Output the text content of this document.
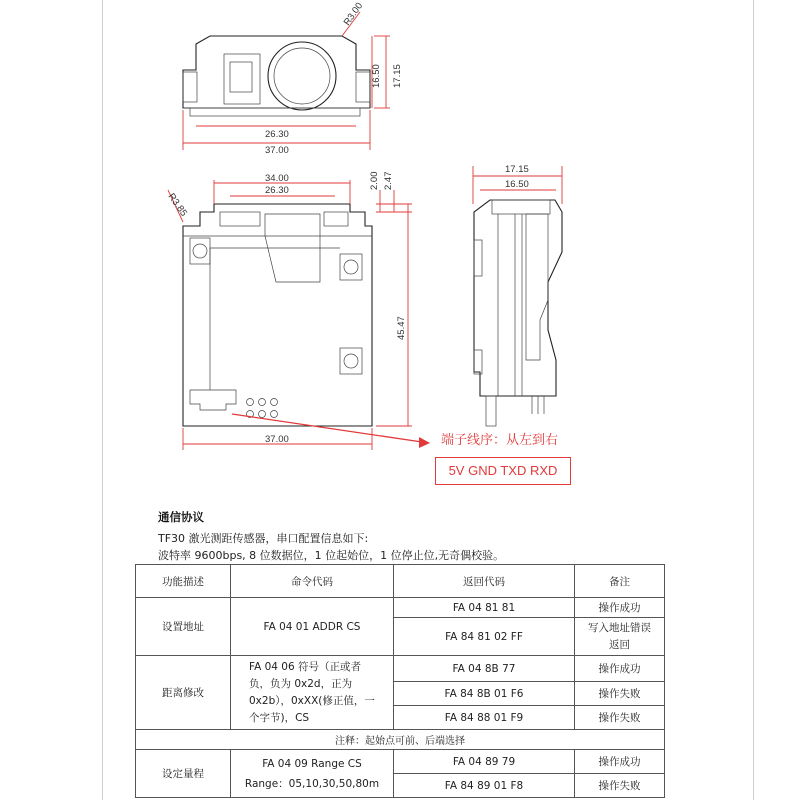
R3.00
26.30
37.00
16.50 17.15
R3.85
34.00
26.30
37.00
2.00 2.47
45.47
17.15
16.50
端子线序：从左到右
5V GND TXD RXD
通信协议
TF30 激光测距传感器，串口配置信息如下:
波特率 9600bps, 8 位数据位，1 位起始位，1 位停止位,无奇偶校验。
功能描述	命令代码	返回代码	备注
设置地址	FA 04 01 ADDR CS	FA 04 81 81	操作成功
		FA 84 81 02 FF	写入地址错误返回
距离修改	FA 04 06 符号（正或者
负，负为 0x2d，正为
0x2b），0xXX(修正值，一
个字节)，CS	FA 04 8B 77	操作成功
		FA 84 8B 01 F6	操作失败
		FA 84 88 01 F9	操作失败
注释：起始点可前、后端选择			
设定量程	FA 04 09 Range CS
Range：05,10,30,50,80m	FA 04 89 79	操作成功
		FA 84 89 01 F8	操作失败
